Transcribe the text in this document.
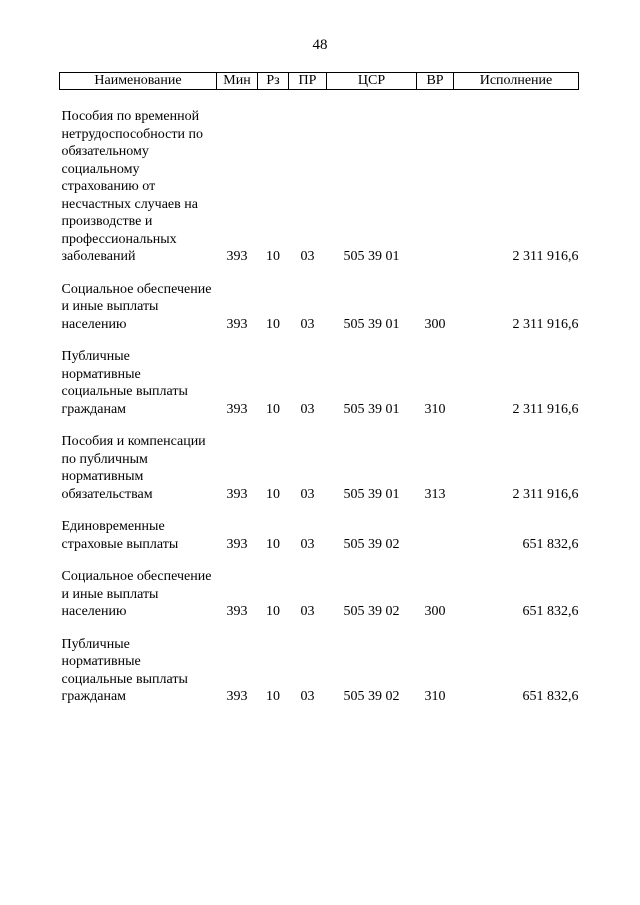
48
Наименование	Мин	Рз	ПР	ЦСР	ВР	Исполнение

Пособия по временной нетрудоспособности по обязательному социальному страхованию от несчастных случаев на производстве и профессиональных заболеваний	393	10	03	505 39 01		2 311 916,6

Социальное обеспечение и иные выплаты населению	393	10	03	505 39 01	300	2 311 916,6

Публичные нормативные социальные выплаты гражданам	393	10	03	505 39 01	310	2 311 916,6

Пособия и компенсации по публичным нормативным обязательствам	393	10	03	505 39 01	313	2 311 916,6

Единовременные страховые выплаты	393	10	03	505 39 02		651 832,6

Социальное обеспечение и иные выплаты населению	393	10	03	505 39 02	300	651 832,6

Публичные нормативные социальные выплаты гражданам	393	10	03	505 39 02	310	651 832,6
